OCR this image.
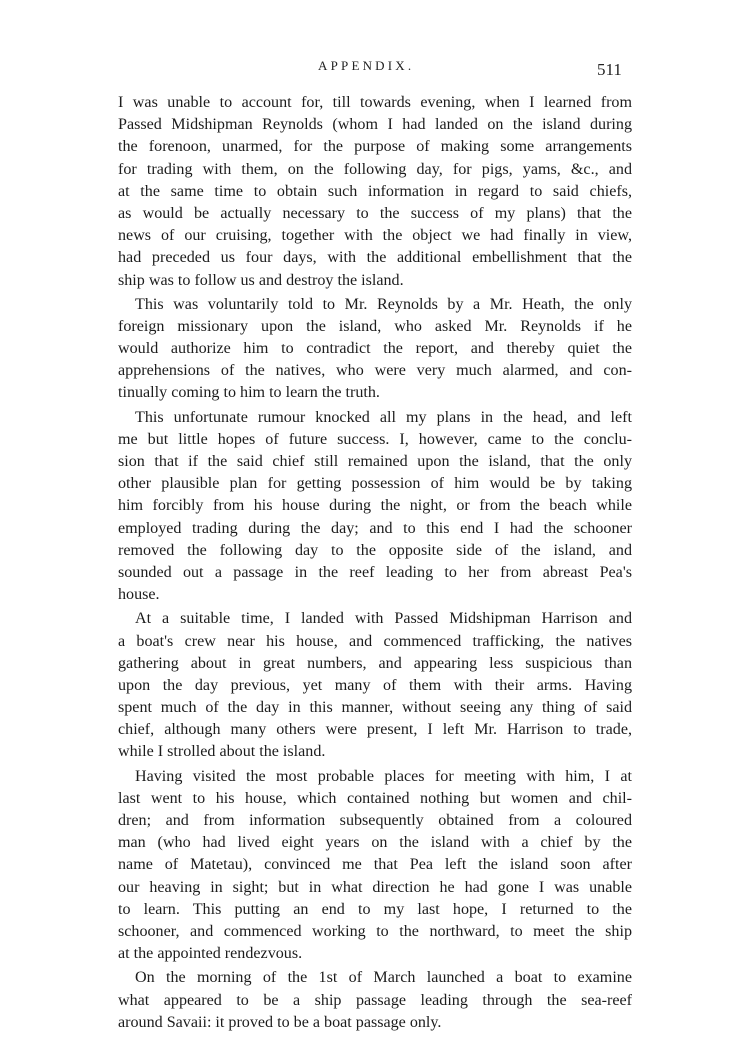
APPENDIX.	511
I was unable to account for, till towards evening, when I learned from
Passed Midshipman Reynolds (whom I had landed on the island during
the forenoon, unarmed, for the purpose of making some arrangements
for trading with them, on the following day, for pigs, yams, &c., and
at the same time to obtain such information in regard to said chiefs,
as would be actually necessary to the success of my plans) that the
news of our cruising, together with the object we had finally in view,
had preceded us four days, with the additional embellishment that the
ship was to follow us and destroy the island.
This was voluntarily told to Mr. Reynolds by a Mr. Heath, the only
foreign missionary upon the island, who asked Mr. Reynolds if he
would authorize him to contradict the report, and thereby quiet the
apprehensions of the natives, who were very much alarmed, and con-
tinually coming to him to learn the truth.
This unfortunate rumour knocked all my plans in the head, and left
me but little hopes of future success. I, however, came to the conclu-
sion that if the said chief still remained upon the island, that the only
other plausible plan for getting possession of him would be by taking
him forcibly from his house during the night, or from the beach while
employed trading during the day; and to this end I had the schooner
removed the following day to the opposite side of the island, and
sounded out a passage in the reef leading to her from abreast Pea's
house.
At a suitable time, I landed with Passed Midshipman Harrison and
a boat's crew near his house, and commenced trafficking, the natives
gathering about in great numbers, and appearing less suspicious than
upon the day previous, yet many of them with their arms. Having
spent much of the day in this manner, without seeing any thing of said
chief, although many others were present, I left Mr. Harrison to trade,
while I strolled about the island.
Having visited the most probable places for meeting with him, I at
last went to his house, which contained nothing but women and chil-
dren; and from information subsequently obtained from a coloured
man (who had lived eight years on the island with a chief by the
name of Matetau), convinced me that Pea left the island soon after
our heaving in sight; but in what direction he had gone I was unable
to learn. This putting an end to my last hope, I returned to the
schooner, and commenced working to the northward, to meet the ship
at the appointed rendezvous.
On the morning of the 1st of March launched a boat to examine
what appeared to be a ship passage leading through the sea-reef
around Savaii: it proved to be a boat passage only.
